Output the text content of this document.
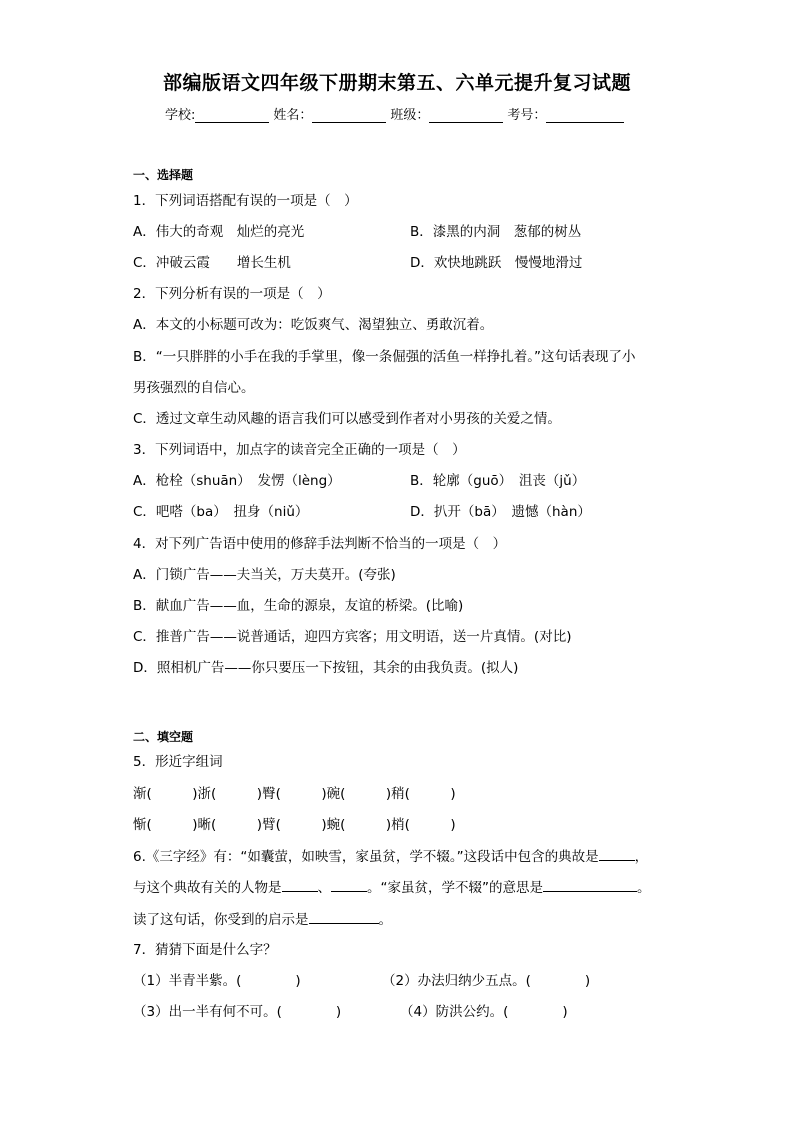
部编版语文四年级下册期末第五、六单元提升复习试题
学校:	姓名：	班级：	考号：
一、选择题
1．下列词语搭配有误的一项是（　）
A．伟大的奇观　灿烂的亮光	B．漆黑的内洞　葱郁的树丛
C．冲破云霞　　增长生机	D．欢快地跳跃　慢慢地滑过
2．下列分析有误的一项是（　）
A．本文的小标题可改为：吃饭爽气、渴望独立、勇敢沉着。
B．“一只胖胖的小手在我的手掌里，像一条倔强的活鱼一样挣扎着。”这句话表现了小
男孩强烈的自信心。
C．透过文章生动风趣的语言我们可以感受到作者对小男孩的关爱之情。
3．下列词语中，加点字的读音完全正确的一项是（　）
A．枪栓（shuān）　发愣（lèng）	B．轮廓（guō）　沮丧（jǔ）
C．吧嗒（ba）　扭身（niǔ）	D．扒开（bā）　遗憾（hàn）
4．对下列广告语中使用的修辞手法判断不恰当的一项是（　）
A．门锁广告——夫当关，万夫莫开。(夸张)
B．献血广告——血，生命的源泉，友谊的桥梁。(比喻)
C．推普广告——说普通话，迎四方宾客；用文明语，送一片真情。(对比)
D．照相机广告——你只要压一下按钮，其余的由我负责。(拟人)
二、填空题
5．形近字组词
渐(　　　)浙(　　　)臀(　　　)碗(　　　)稍(　　　)
惭(　　　)晰(　　　)臂(　　　)蜿(　　　)梢(　　　)
6.《三字经》有：“如囊萤，如映雪，家虽贫，学不辍。”这段话中包含的典故是	，
与这个典故有关的人物是	、	。“家虽贫，学不辍”的意思是	。
读了这句话，你受到的启示是	。
7．猜猜下面是什么字？
（1）半青半紫。(　　　　)	（2）办法归纳少五点。(　　　　)
（3）出一半有何不可。(　　　　)	（4）防洪公约。(　　　　)
